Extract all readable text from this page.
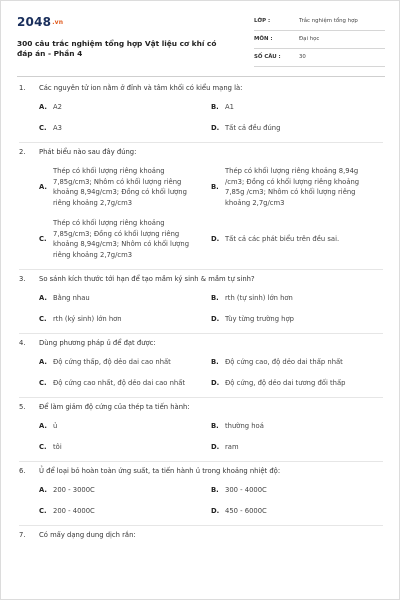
2048.vn
300 câu trắc nghiệm tổng hợp Vật liệu cơ khí có đáp án - Phần 4
LỚP :	Trắc nghiệm tổng hợp
MÔN :	Đại học
SỐ CÂU :	30
1. Các nguyên tử ion nằm ở đỉnh và tâm khối có kiểu mạng là:
A. A2	B. A1
C. A3	D. Tất cả đều đúng
2. Phát biểu nào sau đây đúng:
A.
Thép có khối lượng riêng khoảng 7,85g/cm3; Nhôm có khối lượng riêng khoảng 8,94g/cm3; Đồng có khối lượng riêng khoảng 2,7g/cm3
B.
Thép có khối lượng riêng khoảng 8,94g /cm3; Đồng có khối lượng riêng khoảng 7,85g /cm3; Nhôm có khối lượng riêng khoảng 2,7g/cm3
C.
Thép có khối lượng riêng khoảng 7,85g/cm3; Đồng có khối lượng riêng khoảng 8,94g/cm3; Nhôm có khối lượng riêng khoảng 2,7g/cm3
D. Tất cả các phát biểu trên đều sai.
3. So sánh kích thước tới hạn để tạo mầm ký sinh & mầm tự sinh?
A. Bằng nhau	B. rth (tự sinh) lớn hơn
C. rth (ký sinh) lớn hơn	D. Tùy từng trường hợp
4. Dùng phương pháp ủ để đạt được:
A. Độ cứng thấp, độ dẻo dai cao nhất	B. Độ cứng cao, độ dẻo dai thấp nhất
C. Độ cứng cao nhất, độ dẻo dai cao nhất	D. Độ cứng, độ dẻo dai tương đối thấp
5. Để làm giảm độ cứng của thép ta tiến hành:
A. ủ	B. thường hoá
C. tôi	D. ram
6. Ủ để loại bỏ hoàn toàn ứng suất, ta tiến hành ủ trong khoảng nhiệt độ:
A. 200 - 3000C	B. 300 - 4000C
C. 200 - 4000C	D. 450 - 6000C
7. Có mấy dạng dung dịch rắn:
